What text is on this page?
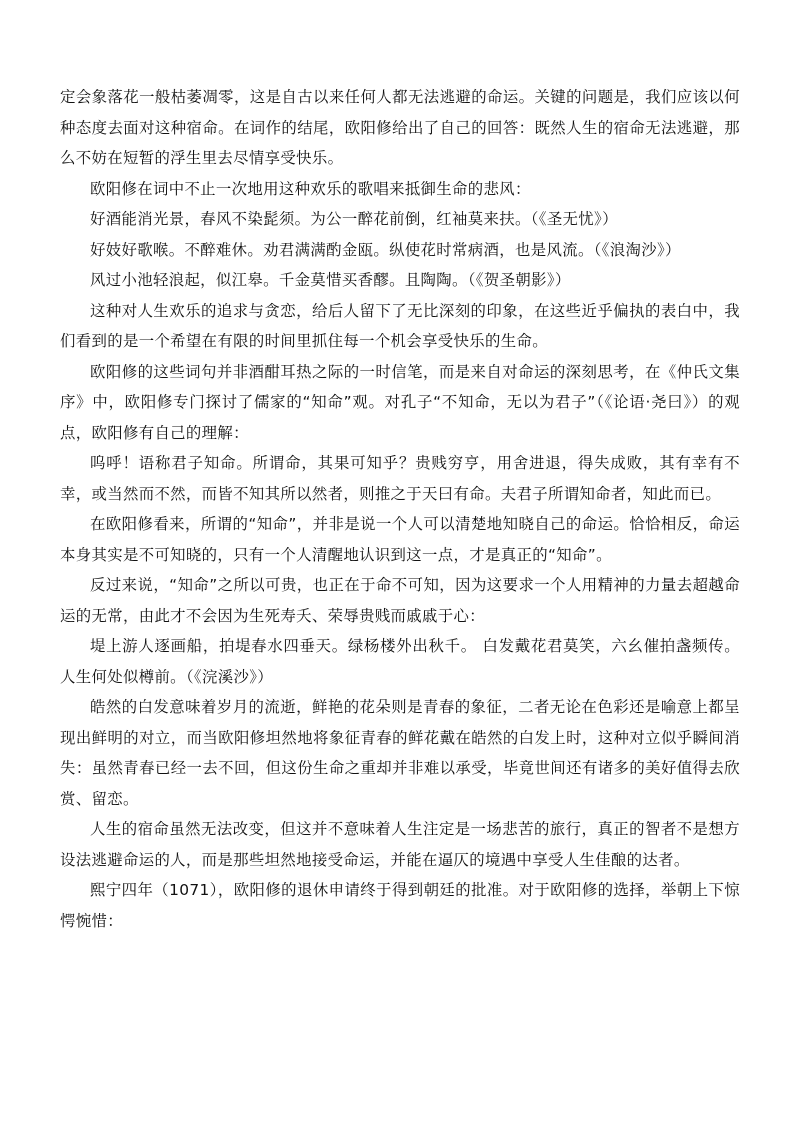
定会象落花一般枯萎凋零，这是自古以来任何人都无法逃避的命运。关键的问题是，我们应该以何种态度去面对这种宿命。在词作的结尾，欧阳修给出了自己的回答：既然人生的宿命无法逃避，那么不妨在短暂的浮生里去尽情享受快乐。

欧阳修在词中不止一次地用这种欢乐的歌唱来抵御生命的悲风：

好酒能消光景，春风不染髭须。为公一醉花前倒，红袖莫来扶。（《圣无忧》）

好妓好歌喉。不醉难休。劝君满满酌金瓯。纵使花时常病酒，也是风流。（《浪淘沙》）

风过小池轻浪起，似江皋。千金莫惜买香醪。且陶陶。（《贺圣朝影》）

这种对人生欢乐的追求与贪恋，给后人留下了无比深刻的印象，在这些近乎偏执的表白中，我们看到的是一个希望在有限的时间里抓住每一个机会享受快乐的生命。

欧阳修的这些词句并非酒酣耳热之际的一时信笔，而是来自对命运的深刻思考，在《仲氏文集序》中，欧阳修专门探讨了儒家的“知命”观。对孔子“不知命，无以为君子”（《论语·尧曰》）的观点，欧阳修有自己的理解：

呜呼！语称君子知命。所谓命，其果可知乎？贵贱穷亨，用舍进退，得失成败，其有幸有不幸，或当然而不然，而皆不知其所以然者，则推之于天曰有命。夫君子所谓知命者，知此而已。

在欧阳修看来，所谓的“知命”，并非是说一个人可以清楚地知晓自己的命运。恰恰相反，命运本身其实是不可知晓的，只有一个人清醒地认识到这一点，才是真正的“知命”。

反过来说，“知命”之所以可贵，也正在于命不可知，因为这要求一个人用精神的力量去超越命运的无常，由此才不会因为生死寿夭、荣辱贵贱而戚戚于心：

堤上游人逐画船，拍堤春水四垂天。绿杨楼外出秋千。 白发戴花君莫笑，六幺催拍盏频传。人生何处似樽前。（《浣溪沙》）

皓然的白发意味着岁月的流逝，鲜艳的花朵则是青春的象征，二者无论在色彩还是喻意上都呈现出鲜明的对立，而当欧阳修坦然地将象征青春的鲜花戴在皓然的白发上时，这种对立似乎瞬间消失：虽然青春已经一去不回，但这份生命之重却并非难以承受，毕竟世间还有诸多的美好值得去欣赏、留恋。

人生的宿命虽然无法改变，但这并不意味着人生注定是一场悲苦的旅行，真正的智者不是想方设法逃避命运的人，而是那些坦然地接受命运，并能在逼仄的境遇中享受人生佳酿的达者。

熙宁四年（1071），欧阳修的退休申请终于得到朝廷的批准。对于欧阳修的选择，举朝上下惊愕惋惜：
